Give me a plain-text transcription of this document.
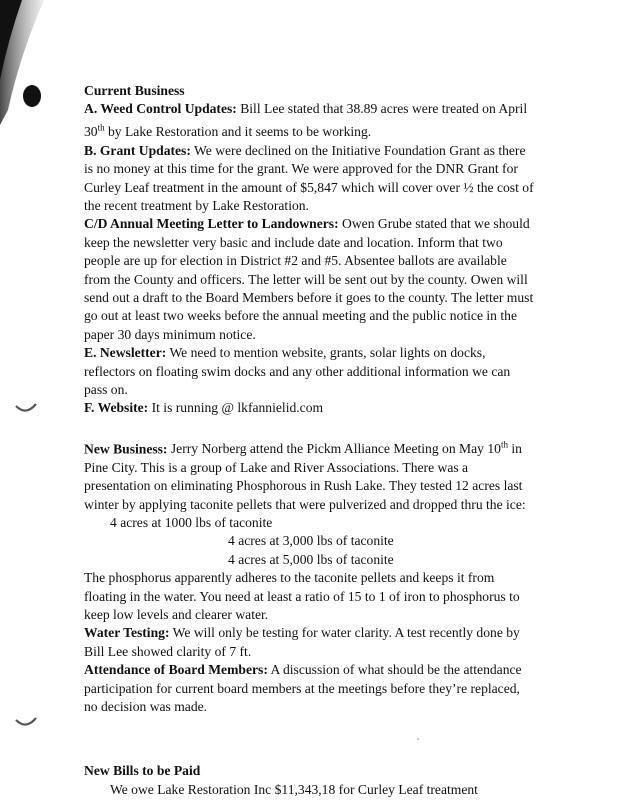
Current Business

A. Weed Control Updates: Bill Lee stated that 38.89 acres were treated on April 30th by Lake Restoration and it seems to be working.

B. Grant Updates: We were declined on the Initiative Foundation Grant as there is no money at this time for the grant. We were approved for the DNR Grant for Curley Leaf treatment in the amount of $5,847 which will cover over ½ the cost of the recent treatment by Lake Restoration.

C/D Annual Meeting Letter to Landowners: Owen Grube stated that we should keep the newsletter very basic and include date and location. Inform that two people are up for election in District #2 and #5. Absentee ballots are available from the County and officers. The letter will be sent out by the county. Owen will send out a draft to the Board Members before it goes to the county. The letter must go out at least two weeks before the annual meeting and the public notice in the paper 30 days minimum notice.

E. Newsletter: We need to mention website, grants, solar lights on docks, reflectors on floating swim docks and any other additional information we can pass on.

F. Website: It is running @ lkfannielid.com

New Business: Jerry Norberg attend the Pickm Alliance Meeting on May 10th in Pine City. This is a group of Lake and River Associations. There was a presentation on eliminating Phosphorous in Rush Lake. They tested 12 acres last winter by applying taconite pellets that were pulverized and dropped thru the ice: 4 acres at 1000 lbs of taconite

4 acres at 3,000 lbs of taconite

4 acres at 5,000 lbs of taconite

The phosphorus apparently adheres to the taconite pellets and keeps it from floating in the water. You need at least a ratio of 15 to 1 of iron to phosphorus to keep low levels and clearer water.

Water Testing: We will only be testing for water clarity. A test recently done by Bill Lee showed clarity of 7 ft.

Attendance of Board Members: A discussion of what should be the attendance participation for current board members at the meetings before they’re replaced, no decision was made.

New Bills to be Paid

We owe Lake Restoration Inc $11,343,18 for Curley Leaf treatment
